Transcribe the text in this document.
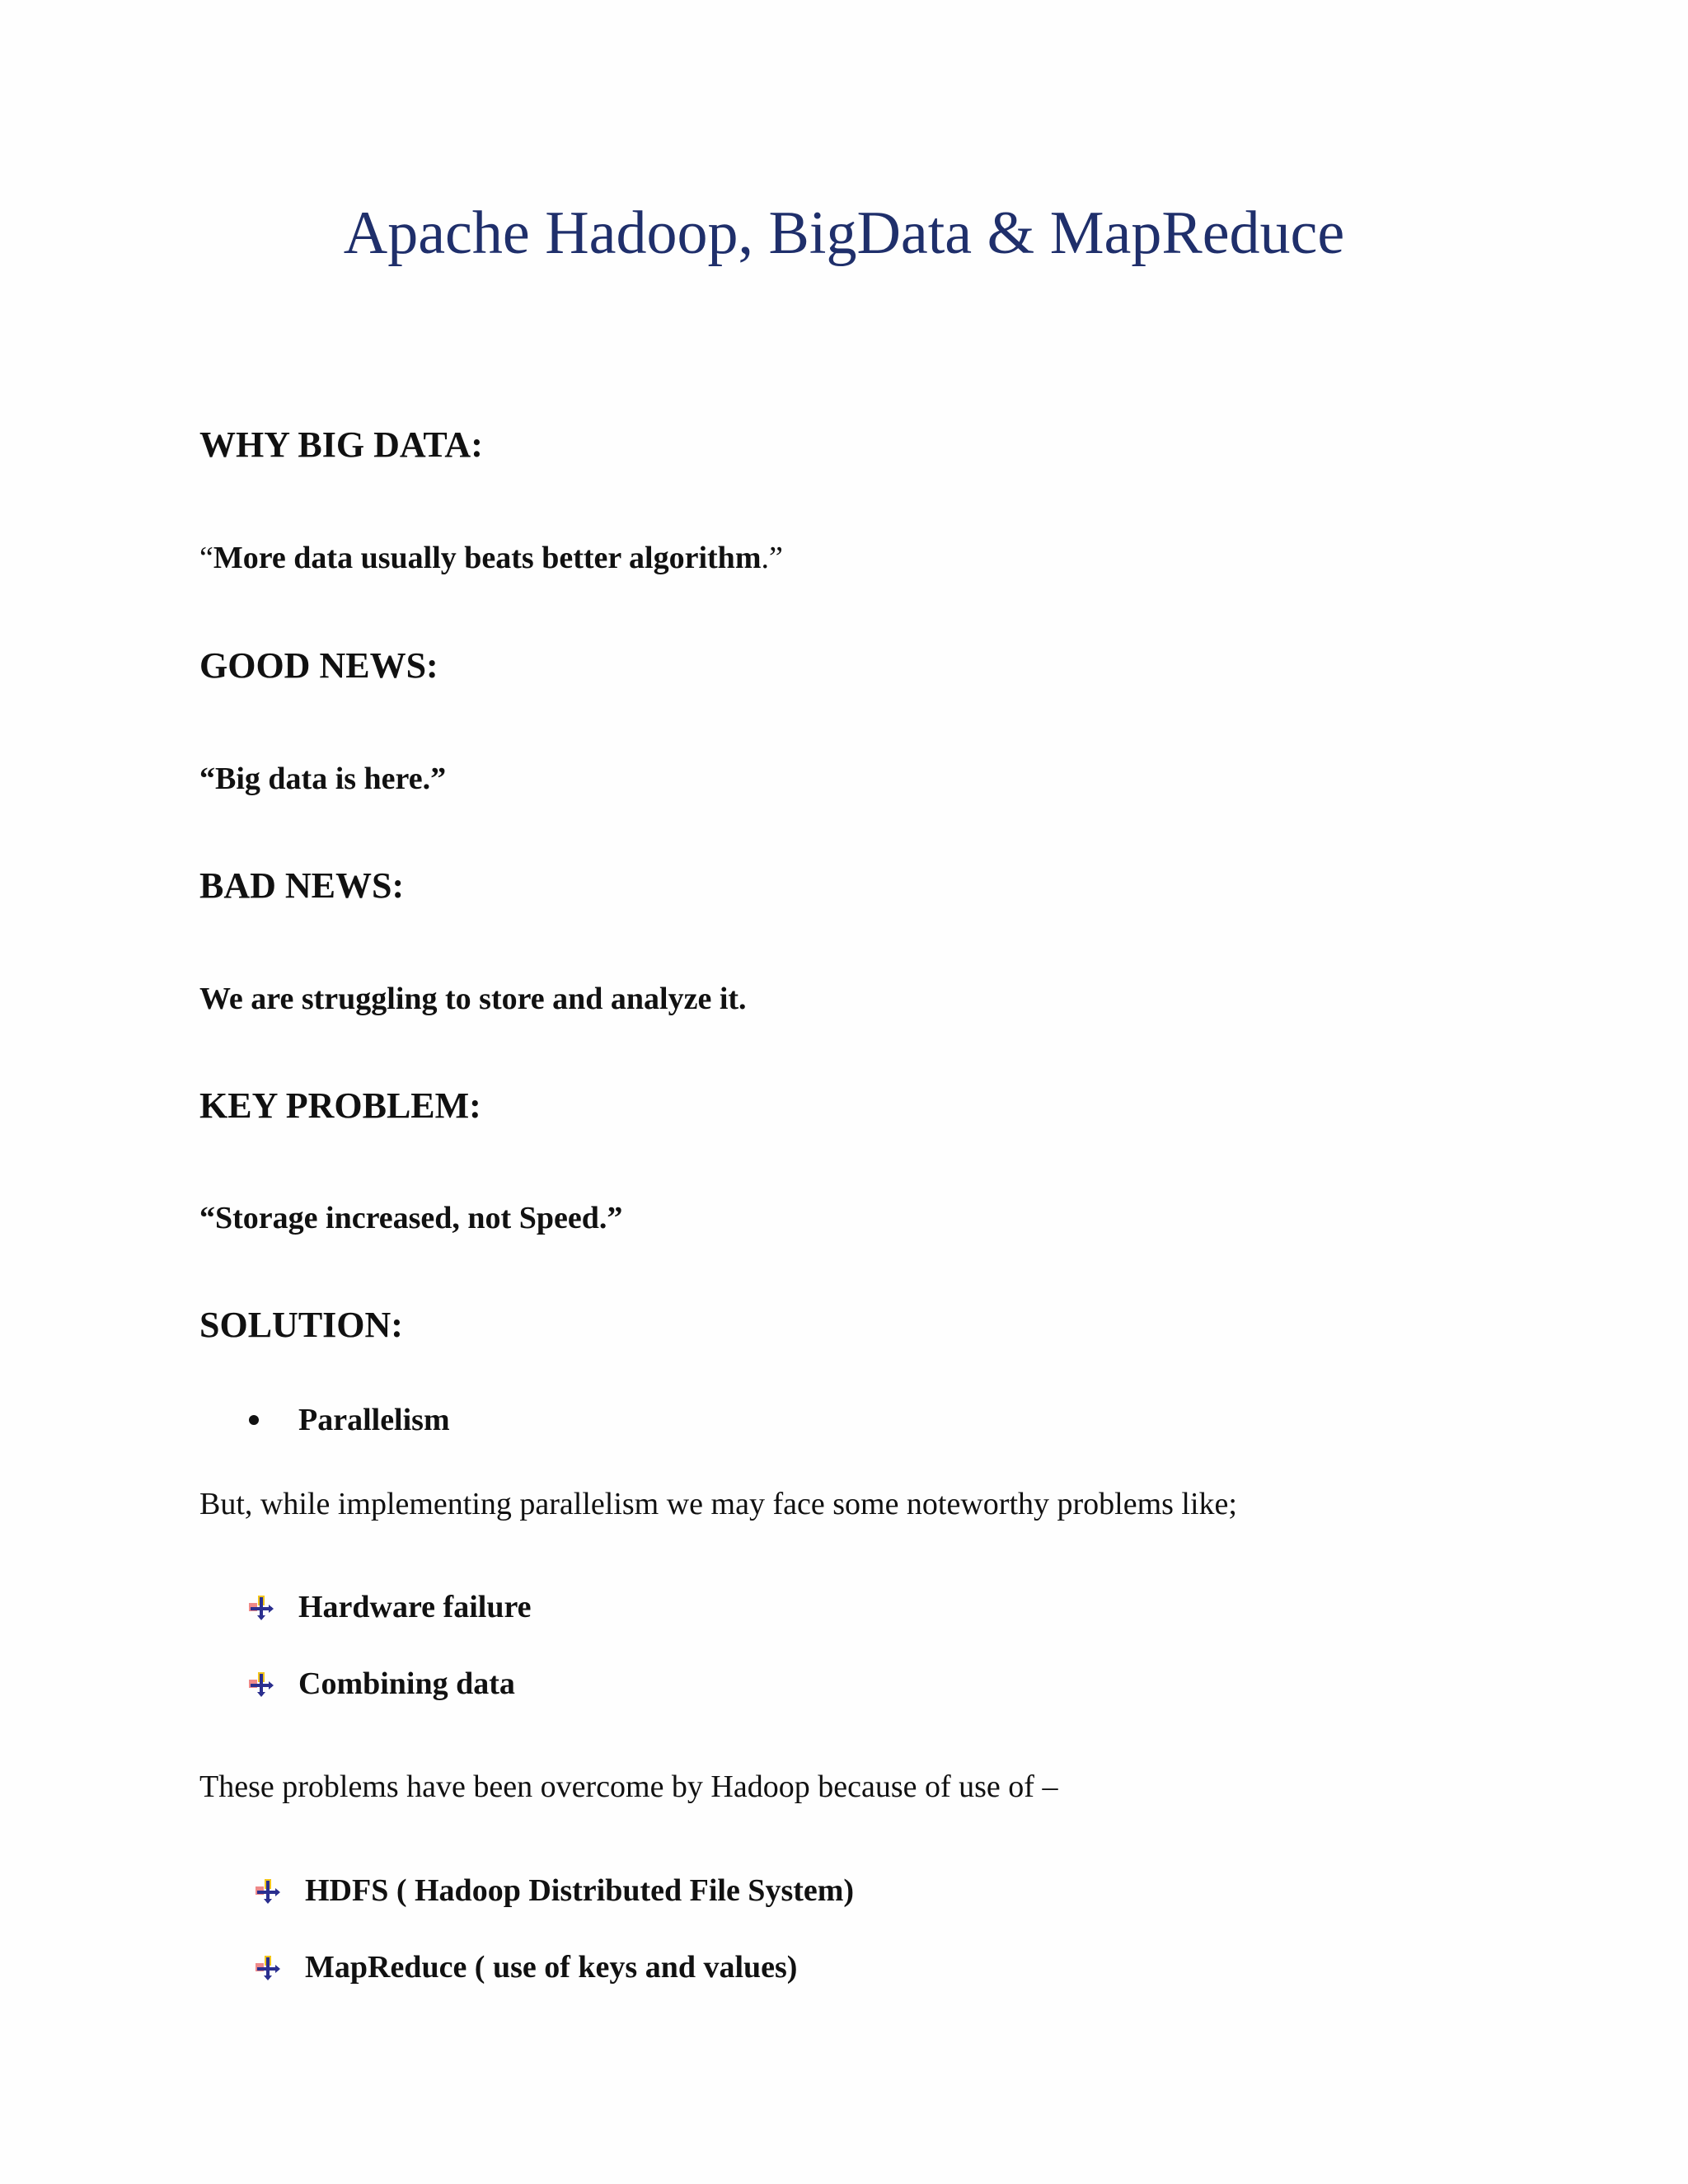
Apache Hadoop, BigData & MapReduce
WHY BIG DATA:
“More data usually beats better algorithm.”
GOOD NEWS:
“Big data is here.”
BAD NEWS:
We are struggling to store and analyze it.
KEY PROBLEM:
“Storage increased, not Speed.”
SOLUTION:
Parallelism
But, while implementing parallelism we may face some noteworthy problems like;
Hardware failure
Combining data
These problems have been overcome by Hadoop because of use of –
HDFS ( Hadoop Distributed File System)
MapReduce ( use of keys and values)
